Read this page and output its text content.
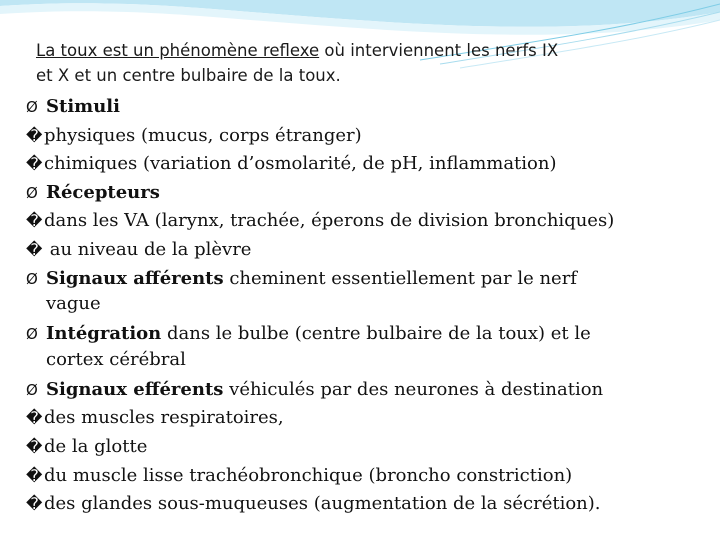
La toux est un phénomène reflexe où interviennent les nerfs IX
et X et un centre bulbaire de la toux.
Ø Stimuli
�physiques (mucus, corps étranger)
�chimiques (variation d’osmolarité, de pH, inflammation)
Ø Récepteurs
�dans les VA (larynx, trachée, éperons de division bronchiques)
� au niveau de la plèvre
Ø Signaux afférents cheminent essentiellement par le nerf
vague
Ø Intégration dans le bulbe (centre bulbaire de la toux) et le
cortex cérébral
Ø Signaux efférents véhiculés par des neurones à destination
�des muscles respiratoires,
�de la glotte
�du muscle lisse trachéobronchique (broncho constriction)
�des glandes sous-muqueuses (augmentation de la sécrétion).
